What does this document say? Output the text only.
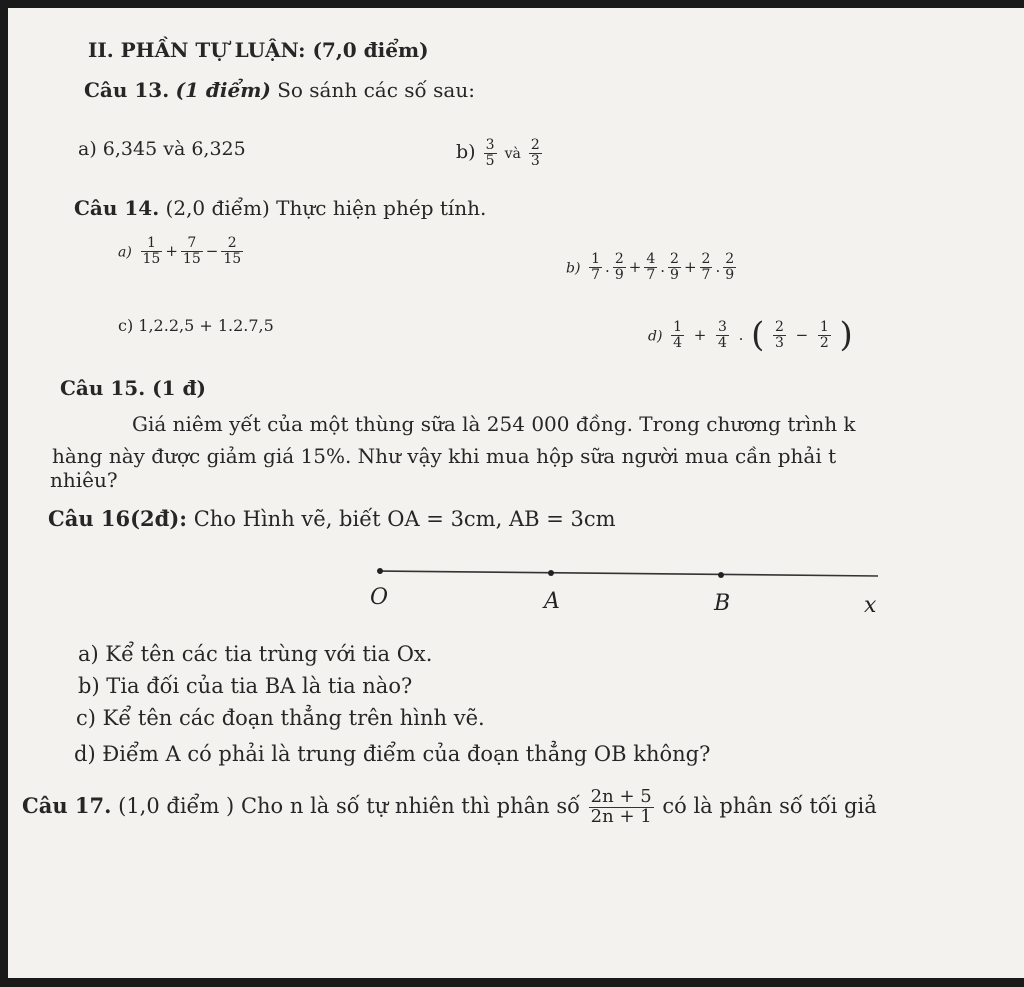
II. PHẦN TỰ LUẬN: (7,0 điểm)
Câu 13. (1 điểm) So sánh các số sau:
a) 6,345 và 6,325	$b) \frac{3}{5}$ và $\frac{2}{3}$
Câu 14. (2,0 điểm) Thực hiện phép tính.
$a) \frac{1}{15} + \frac{7}{15} - \frac{2}{15}$
$b) \frac{1}{7}$ . $\frac{2}{9} + \frac{4}{7}$ . $\frac{2}{9} + \frac{2}{7}$ . $\frac{2}{9}$
c) 1,2.2,5 + 1.2.7,5
$d) \frac{1}{4} + \frac{3}{4}$ . ( $\frac{2}{3} - \frac{1}{2}$ )
Câu 15. (1 đ)
Giá niêm yết của một thùng sữa là 254 000 đồng. Trong chương trình k
hàng này được giảm giá 15%. Như vậy khi mua hộp sữa người mua cần phải t
nhiêu?
Câu 16(2đ): Cho Hình vẽ, biết OA = 3cm, AB = 3cm
O	A	B	x
a) Kể tên các tia trùng với tia Ox.
b) Tia đối của tia BA là tia nào?
c) Kể tên các đoạn thẳng trên hình vẽ.
d) Điểm A có phải là trung điểm của đoạn thẳng OB không?
Câu 17. (1,0 điểm ) Cho n là số tự nhiên thì phân số $\frac{2n + 5}{2n + 1}$ có là phân số tối giả
